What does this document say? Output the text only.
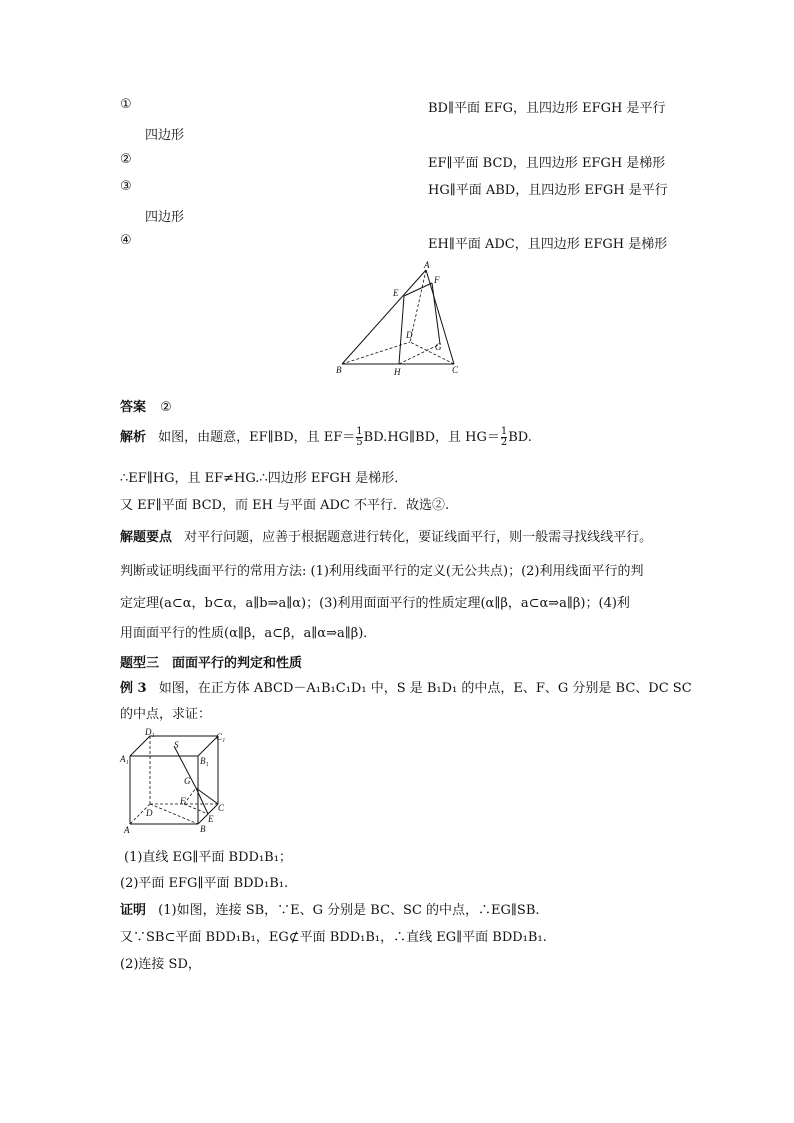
①	BD∥平面 EFG，且四边形 EFGH 是平行
四边形
②	EF∥平面 BCD，且四边形 EFGH 是梯形
③	HG∥平面 ABD，且四边形 EFGH 是平行
四边形
④	EH∥平面 ADC，且四边形 EFGH 是梯形
A
F
E
D
G
B	H	C
答案 ②
解析 如图，由题意，EF∥BD，且 $EF= \frac{1}{5}$ BD.HG∥BD，且 $HG= \frac{1}{2}$ BD.
∴EF∥HG，且 EF≠HG.∴四边形 EFGH 是梯形．
又 EF∥平面 BCD，而 EH 与平面 ADC 不平行．故选②.
解题要点 对平行问题，应善于根据题意进行转化，要证线面平行，则一般需寻找线线平行。
判断或证明线面平行的常用方法: (1)利用线面平行的定义(无公共点)；(2)利用线面平行的判
定定理(a⊂α，b⊂α，a∥b⇒a∥α)；(3)利用面面平行的性质定理(α∥β，a⊂α⇒a∥β)；(4)利
用面面平行的性质(α∥β，a⊂β，a∥α⇒a∥β)．
题型三　面面平行的判定和性质
例 3 如图，在正方体 ABCD－A₁B₁C₁D₁ 中，S 是 B₁D₁ 的中点，E、F、G 分别是 BC、DC SC
的中点，求证：
D₁	C₁
A₁	B₁
S
G
F
D	C
E
A	B
(1)直线 EG∥平面 BDD₁B₁；
(2)平面 EFG∥平面 BDD₁B₁.
证明 (1)如图，连接 SB，∵E、G 分别是 BC、SC 的中点，∴EG∥SB.
又∵SB⊂平面 BDD₁B₁，EG⊄平面 BDD₁B₁，∴直线 EG∥平面 BDD₁B₁.
(2)连接 SD，
